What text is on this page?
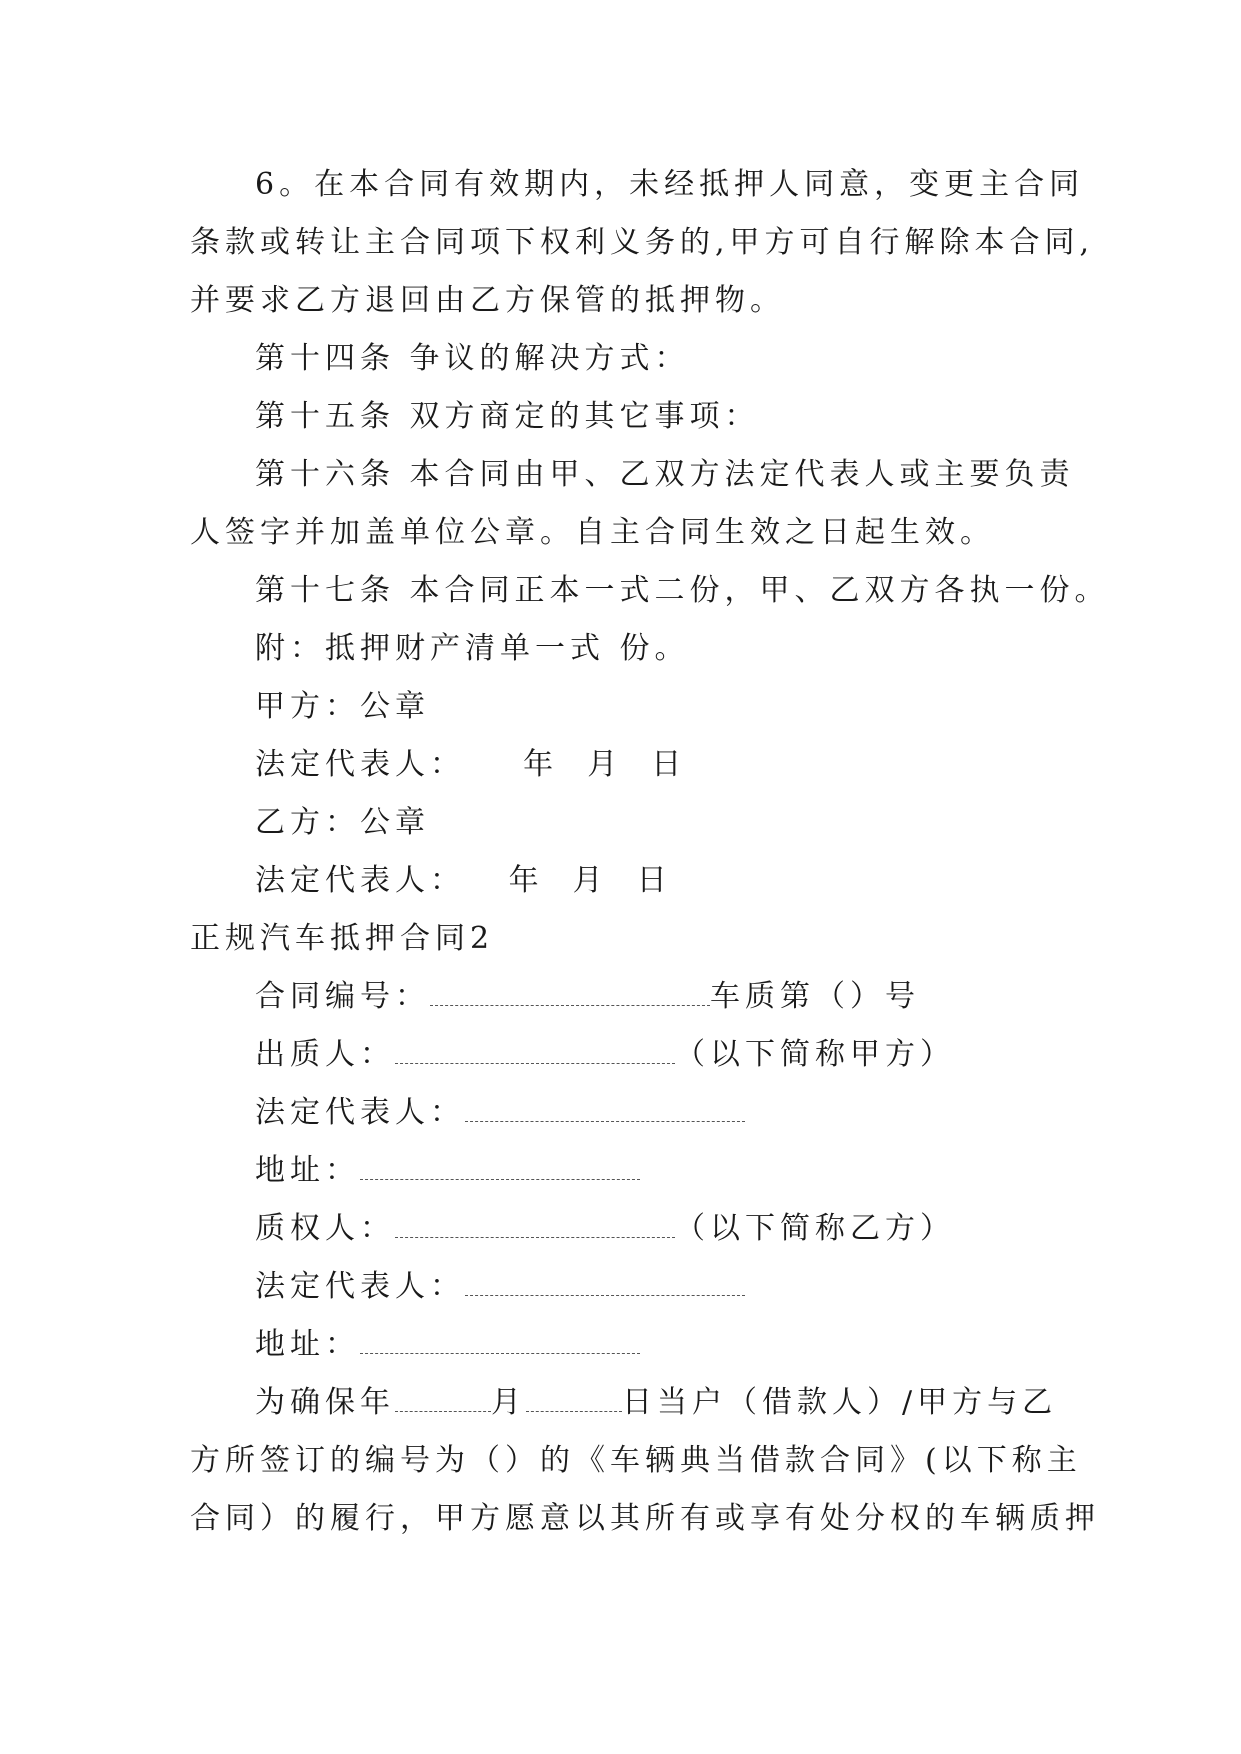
6。在本合同有效期内，未经抵押人同意，变更主合同
条款或转让主合同项下权利义务的,甲方可自行解除本合同,
并要求乙方退回由乙方保管的抵押物。
第十四条 争议的解决方式：
第十五条 双方商定的其它事项：
第十六条 本合同由甲、乙双方法定代表人或主要负责
人签字并加盖单位公章。自主合同生效之日起生效。
第十七条 本合同正本一式二份，甲、乙双方各执一份。
附：抵押财产清单一式 份。
甲方：公章
法定代表人：    年  月  日
乙方：公章
法定代表人：   年  月  日
正规汽车抵押合同2
合同编号：	车质第（）号
出质人：	（以下简称甲方）
法定代表人：
地址：
质权人：	（以下简称乙方）
法定代表人：
地址：
为确保年	月	日当户（借款人）/甲方与乙
方所签订的编号为（）的《车辆典当借款合同》(以下称主
合同）的履行，甲方愿意以其所有或享有处分权的车辆质押
